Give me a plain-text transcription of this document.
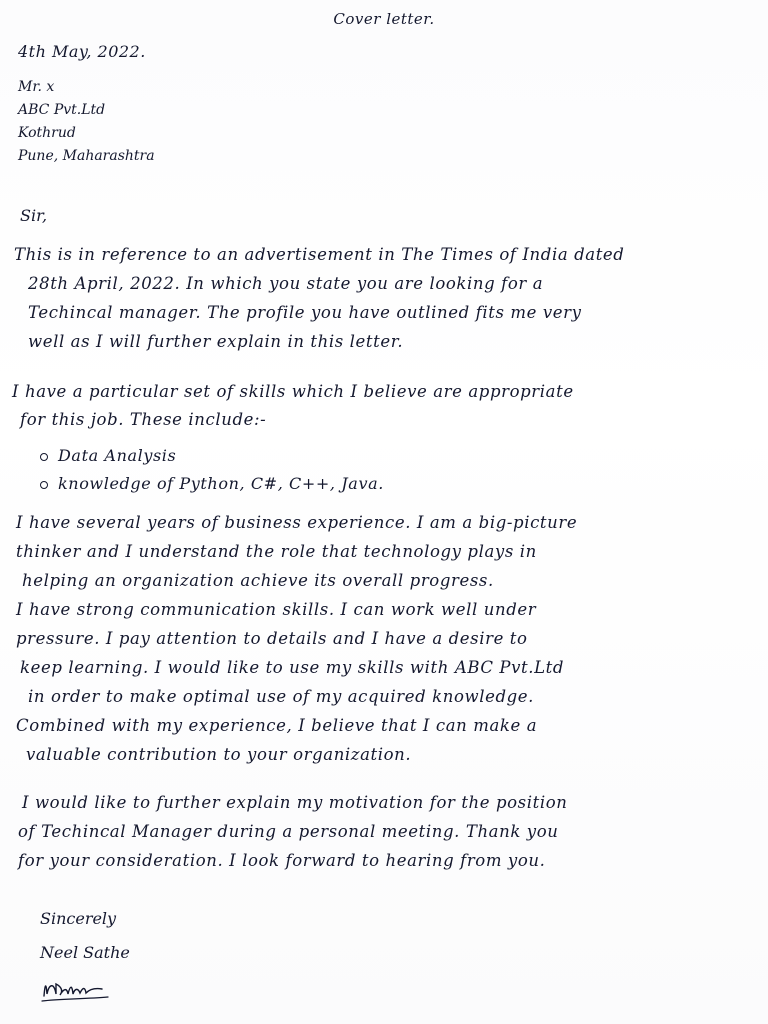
Cover letter.
4th May, 2022.
Mr. x
ABC Pvt.Ltd
Kothrud
Pune, Maharashtra
Sir,
This is in reference to an advertisement in The Times of India dated
28th April, 2022. In which you state you are looking for a
Techincal manager. The profile you have outlined fits me very
well as I will further explain in this letter.
I have a particular set of skills which I believe are appropriate
for this job. These include:-
Data Analysis
knowledge of Python, C#, C++, Java.
I have several years of business experience. I am a big-picture
thinker and I understand the role that technology plays in
helping an organization achieve its overall progress.
I have strong communication skills. I can work well under
pressure. I pay attention to details and I have a desire to
keep learning. I would like to use my skills with ABC Pvt.Ltd
in order to make optimal use of my acquired knowledge.
Combined with my experience, I believe that I can make a
valuable contribution to your organization.
I would like to further explain my motivation for the position
of Techincal Manager during a personal meeting. Thank you
for your consideration. I look forward to hearing from you.
Sincerely
Neel Sathe
